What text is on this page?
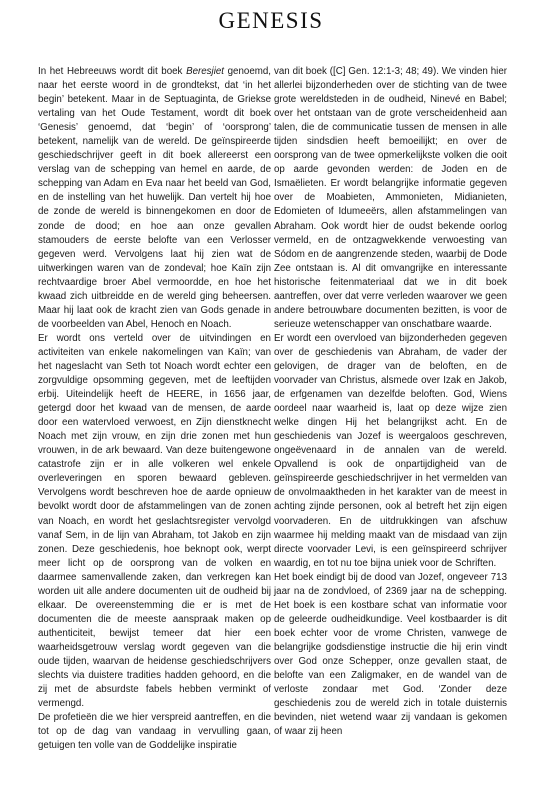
GENESIS

In het Hebreeuws wordt dit boek Beresjiet genoemd, naar het eerste woord in de grondtekst, dat ‘in het begin’ betekent. Maar in de Septuaginta, de Griekse vertaling van het Oude Testament, wordt dit boek ‘Genesis’ genoemd, dat ‘begin’ of ‘oorsprong’ betekent, namelijk van de wereld. De geïnspireerde geschiedschrijver geeft in dit boek allereerst een verslag van de schepping van hemel en aarde, de schepping van Adam en Eva naar het beeld van God, en de instelling van het huwelijk. Dan vertelt hij hoe de zonde de wereld is binnengekomen en door de zonde de dood; en hoe aan onze gevallen stamouders de eerste belofte van een Verlosser gegeven werd. Vervolgens laat hij zien wat de uitwerkingen waren van de zondeval; hoe Kaïn zijn rechtvaardige broer Abel vermoordde, en hoe het kwaad zich uitbreidde en de wereld ging beheersen. Maar hij laat ook de kracht zien van Gods genade in de voorbeelden van Abel, Henoch en Noach.

Er wordt ons verteld over de uitvindingen en activiteiten van enkele nakomelingen van Kaïn; van het nageslacht van Seth tot Noach wordt echter een zorgvuldige opsomming gegeven, met de leeftijden erbij. Uiteindelijk heeft de HEERE, in 1656 jaar, getergd door het kwaad van de mensen, de aarde door een watervloed verwoest, en Zijn dienstknecht Noach met zijn vrouw, en zijn drie zonen met hun vrouwen, in de ark bewaard. Van deze buitengewone catastrofe zijn er in alle volkeren wel enkele overleveringen en sporen bewaard gebleven. Vervolgens wordt beschreven hoe de aarde opnieuw bevolkt wordt door de afstammelingen van de zonen van Noach, en wordt het geslachtsregister vervolgd vanaf Sem, in de lijn van Abraham, tot Jakob en zijn zonen. Deze geschiedenis, hoe beknopt ook, werpt meer licht op de oorsprong van de volken en daarmee samenvallende zaken, dan verkregen kan worden uit alle andere documenten uit de oudheid bij elkaar. De overeenstemming die er is met de documenten die de meeste aanspraak maken op authenticiteit, bewijst temeer dat hier een waarheidsgetrouw verslag wordt gegeven van die oude tijden, waarvan de heidense geschiedschrijvers slechts via duistere tradities hadden gehoord, en die zij met de absurdste fabels hebben verminkt of vermengd.

De profetieën die we hier verspreid aantreffen, en die tot op de dag van vandaag in vervulling gaan, getuigen ten volle van de Goddelijke inspiratie

van dit boek ([C] Gen. 12:1-3; 48; 49). We vinden hier allerlei bijzonderheden over de stichting van de twee grote wereldsteden in de oudheid, Ninevé en Babel; over het ontstaan van de grote verscheidenheid aan talen, die de communicatie tussen de mensen in alle tijden sindsdien heeft bemoeilijkt; en over de oorsprong van de twee opmerkelijkste volken die ooit op aarde gevonden werden: de Joden en de Ismaëlieten. Er wordt belangrijke informatie gegeven over de Moabieten, Ammonieten, Midianieten, Edomieten of Idumeeërs, allen afstammelingen van Abraham. Ook wordt hier de oudst bekende oorlog vermeld, en de ontzagwekkende verwoesting van Sódom en de aangrenzende steden, waarbij de Dode Zee ontstaan is. Al dit omvangrijke en interessante historische feitenmateriaal dat we in dit boek aantreffen, over dat verre verleden waarover we geen andere betrouwbare documenten bezitten, is voor de serieuze wetenschapper van onschatbare waarde.

Er wordt een overvloed van bijzonderheden gegeven over de geschiedenis van Abraham, de vader der gelovigen, de drager van de beloften, en de voorvader van Christus, alsmede over Izak en Jakob, de erfgenamen van dezelfde beloften. God, Wiens oordeel naar waarheid is, laat op deze wijze zien welke dingen Hij het belangrijkst acht. En de geschiedenis van Jozef is weergaloos geschreven, ongeëvenaard in de annalen van de wereld. Opvallend is ook de onpartijdigheid van de geïnspireerde geschiedschrijver in het vermelden van de onvolmaaktheden in het karakter van de meest in achting zijnde personen, ook al betreft het zijn eigen voorvaderen. En de uitdrukkingen van afschuw waarmee hij melding maakt van de misdaad van zijn directe voorvader Levi, is een geïnspireerd schrijver waardig, en tot nu toe bijna uniek voor de Schriften.

Het boek eindigt bij de dood van Jozef, ongeveer 713 jaar na de zondvloed, of 2369 jaar na de schepping. Het boek is een kostbare schat van informatie voor de geleerde oudheidkundige. Veel kostbaarder is dit boek echter voor de vrome Christen, vanwege de belangrijke godsdienstige instructie die hij erin vindt over God onze Schepper, onze gevallen staat, de belofte van een Zaligmaker, en de wandel van de verloste zondaar met God. ‘Zonder deze geschiedenis zou de wereld zich in totale duisternis bevinden, niet wetend waar zij vandaan is gekomen of waar zij heen
